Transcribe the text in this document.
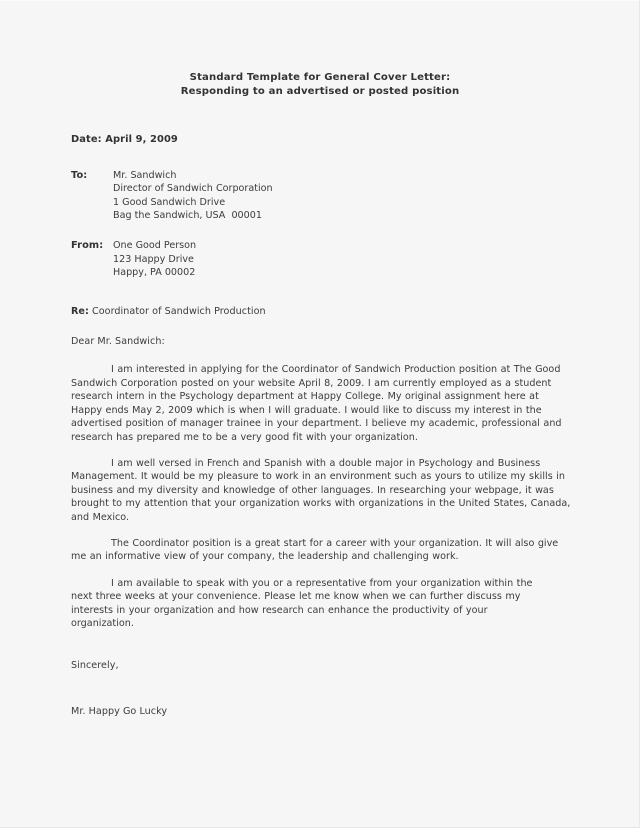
Standard Template for General Cover Letter:
Responding to an advertised or posted position
Date: April 9, 2009
To:	Mr. Sandwich
Director of Sandwich Corporation
1 Good Sandwich Drive
Bag the Sandwich, USA  00001
From:	One Good Person
123 Happy Drive
Happy, PA 00002
Re: Coordinator of Sandwich Production
Dear Mr. Sandwich:
I am interested in applying for the Coordinator of Sandwich Production position at The Good Sandwich Corporation posted on your website April 8, 2009. I am currently employed as a student research intern in the Psychology department at Happy College. My original assignment here at Happy ends May 2, 2009 which is when I will graduate. I would like to discuss my interest in the advertised position of manager trainee in your department. I believe my academic, professional and research has prepared me to be a very good fit with your organization.
I am well versed in French and Spanish with a double major in Psychology and Business Management. It would be my pleasure to work in an environment such as yours to utilize my skills in business and my diversity and knowledge of other languages. In researching your webpage, it was brought to my attention that your organization works with organizations in the United States, Canada, and Mexico.
The Coordinator position is a great start for a career with your organization. It will also give me an informative view of your company, the leadership and challenging work.
I am available to speak with you or a representative from your organization within the next three weeks at your convenience. Please let me know when we can further discuss my interests in your organization and how research can enhance the productivity of your organization.
Sincerely,
Mr. Happy Go Lucky
